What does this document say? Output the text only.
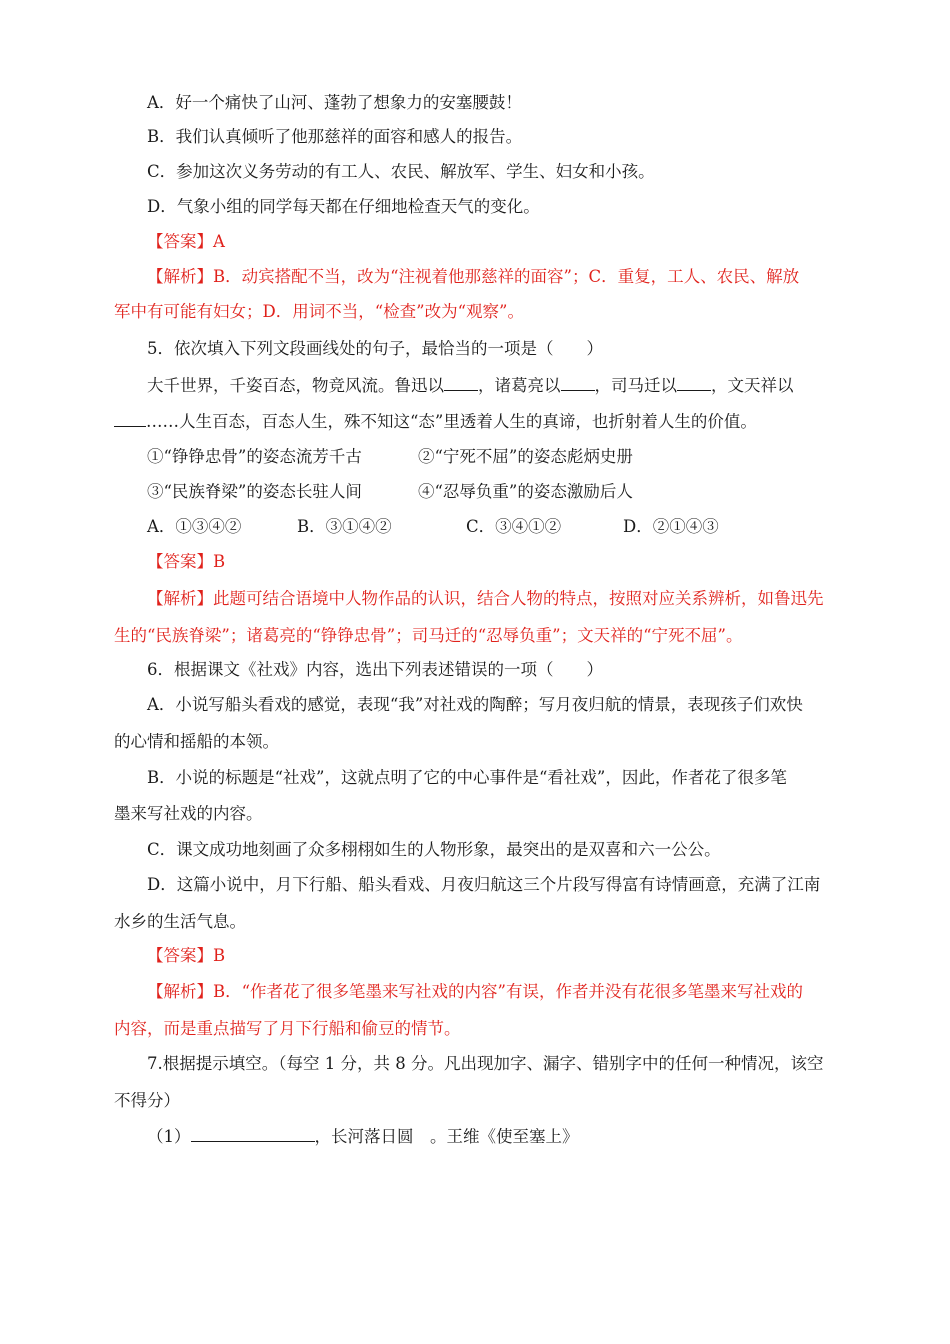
A．好一个痛快了山河、蓬勃了想象力的安塞腰鼓！

B．我们认真倾听了他那慈祥的面容和感人的报告。

C．参加这次义务劳动的有工人、农民、解放军、学生、妇女和小孩。

D．气象小组的同学每天都在仔细地检查天气的变化。

【答案】A

【解析】B．动宾搭配不当，改为“注视着他那慈祥的面容”；C．重复，工人、农民、解放

军中有可能有妇女；D．用词不当，“检查”改为“观察”。

5．依次填入下列文段画线处的句子，最恰当的一项是（　　）

大千世界，千姿百态，物竞风流。鲁迅以 ，诸葛亮以 ，司马迁以 ，文天祥以

……人生百态，百态人生，殊不知这“态”里透着人生的真谛，也折射着人生的价值。

①“铮铮忠骨”的姿态流芳千古	②“宁死不屈”的姿态彪炳史册

③“民族脊梁”的姿态长驻人间	④“忍辱负重”的姿态激励后人

A．①③④②	B．③①④②	C．③④①②	D．②①④③

【答案】B

【解析】此题可结合语境中人物作品的认识，结合人物的特点，按照对应关系辨析，如鲁迅先

生的“民族脊梁”；诸葛亮的“铮铮忠骨”；司马迁的“忍辱负重”；文天祥的“宁死不屈”。

6．根据课文《社戏》内容，选出下列表述错误的一项（　　）

A．小说写船头看戏的感觉，表现“我”对社戏的陶醉；写月夜归航的情景，表现孩子们欢快

的心情和摇船的本领。

B．小说的标题是“社戏”，这就点明了它的中心事件是“看社戏”，因此，作者花了很多笔

墨来写社戏的内容。

C．课文成功地刻画了众多栩栩如生的人物形象，最突出的是双喜和六一公公。

D．这篇小说中，月下行船、船头看戏、月夜归航这三个片段写得富有诗情画意，充满了江南

水乡的生活气息。

【答案】B

【解析】B．“作者花了很多笔墨来写社戏的内容”有误，作者并没有花很多笔墨来写社戏的

内容，而是重点描写了月下行船和偷豆的情节。

7.根据提示填空。（每空 1 分，共 8 分。凡出现加字、漏字、错别字中的任何一种情况，该空

不得分）

（1）	，长河落日圆　。王维《使至塞上》
